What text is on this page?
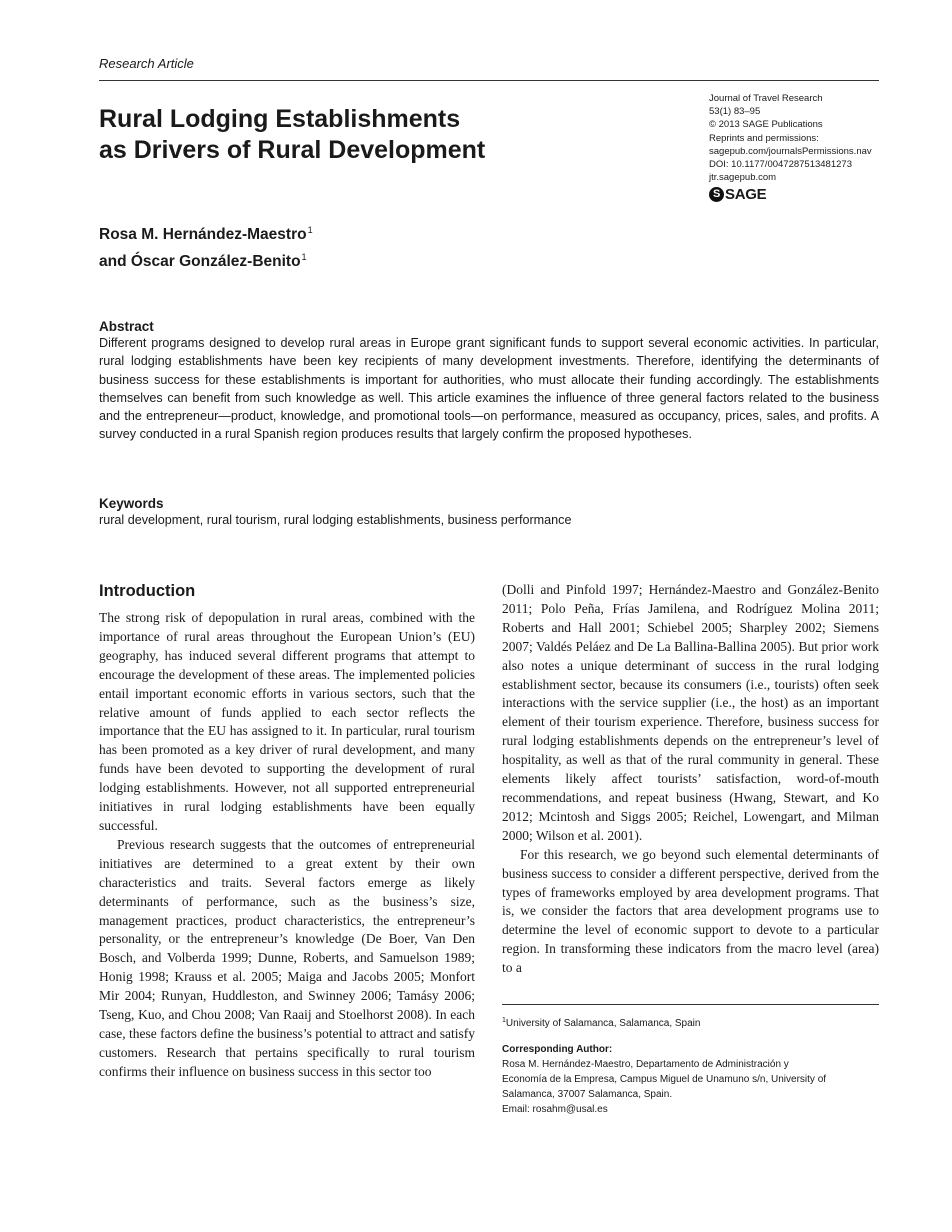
Research Article
Journal of Travel Research
53(1) 83–95
© 2013 SAGE Publications
Reprints and permissions:
sagepub.com/journalsPermissions.nav
DOI: 10.1177/0047287513481273
jtr.sagepub.com
S SAGE
Rural Lodging Establishments
as Drivers of Rural Development
Rosa M. Hernández-Maestro$^1$
and Óscar González-Benito$^1$
Abstract

Different programs designed to develop rural areas in Europe grant significant funds to support several economic activities. In particular, rural lodging establishments have been key recipients of many development investments. Therefore, identifying the determinants of business success for these establishments is important for authorities, who must allocate their funding accordingly. The establishments themselves can benefit from such knowledge as well. This article examines the influence of three general factors related to the business and the entrepreneur—product, knowledge, and promotional tools—on performance, measured as occupancy, prices, sales, and profits. A survey conducted in a rural Spanish region produces results that largely confirm the proposed hypotheses.

Keywords

rural development, rural tourism, rural lodging establishments, business performance

Introduction

The strong risk of depopulation in rural areas, combined with the importance of rural areas throughout the European Union’s (EU) geography, has induced several different programs that attempt to encourage the development of these areas. The implemented policies entail important economic efforts in various sectors, such that the relative amount of funds applied to each sector reflects the importance that the EU has assigned to it. In particular, rural tourism has been promoted as a key driver of rural development, and many funds have been devoted to supporting the development of rural lodging establishments. However, not all supported entrepreneurial initiatives in rural lodging establishments have been equally successful.

Previous research suggests that the outcomes of entrepreneurial initiatives are determined to a great extent by their own characteristics and traits. Several factors emerge as likely determinants of performance, such as the business’s size, management practices, product characteristics, the entrepreneur’s personality, or the entrepreneur’s knowledge (De Boer, Van Den Bosch, and Volberda 1999; Dunne, Roberts, and Samuelson 1989; Honig 1998; Krauss et al. 2005; Maiga and Jacobs 2005; Monfort Mir 2004; Runyan, Huddleston, and Swinney 2006; Tamásy 2006; Tseng, Kuo, and Chou 2008; Van Raaij and Stoelhorst 2008). In each case, these factors define the business’s potential to attract and satisfy customers. Research that pertains specifically to rural tourism confirms their influence on business success in this sector too

(Dolli and Pinfold 1997; Hernández-Maestro and González-Benito 2011; Polo Peña, Frías Jamilena, and Rodríguez Molina 2011; Roberts and Hall 2001; Schiebel 2005; Sharpley 2002; Siemens 2007; Valdés Peláez and De La Ballina-Ballina 2005). But prior work also notes a unique determinant of success in the rural lodging establishment sector, because its consumers (i.e., tourists) often seek interactions with the service supplier (i.e., the host) as an important element of their tourism experience. Therefore, business success for rural lodging establishments depends on the entrepreneur’s level of hospitality, as well as that of the rural community in general. These elements likely affect tourists’ satisfaction, word-of-mouth recommendations, and repeat business (Hwang, Stewart, and Ko 2012; Mcintosh and Siggs 2005; Reichel, Lowengart, and Milman 2000; Wilson et al. 2001).

For this research, we go beyond such elemental determinants of business success to consider a different perspective, derived from the types of frameworks employed by area development programs. That is, we consider the factors that area development programs use to determine the level of economic support to devote to a particular region. In transforming these indicators from the macro level (area) to a

$^1$University of Salamanca, Salamanca, Spain
Corresponding Author:
Rosa M. Hernández-Maestro, Departamento de Administración y
Economía de la Empresa, Campus Miguel de Unamuno s/n, University of
Salamanca, 37007 Salamanca, Spain.
Email: rosahm@usal.es
